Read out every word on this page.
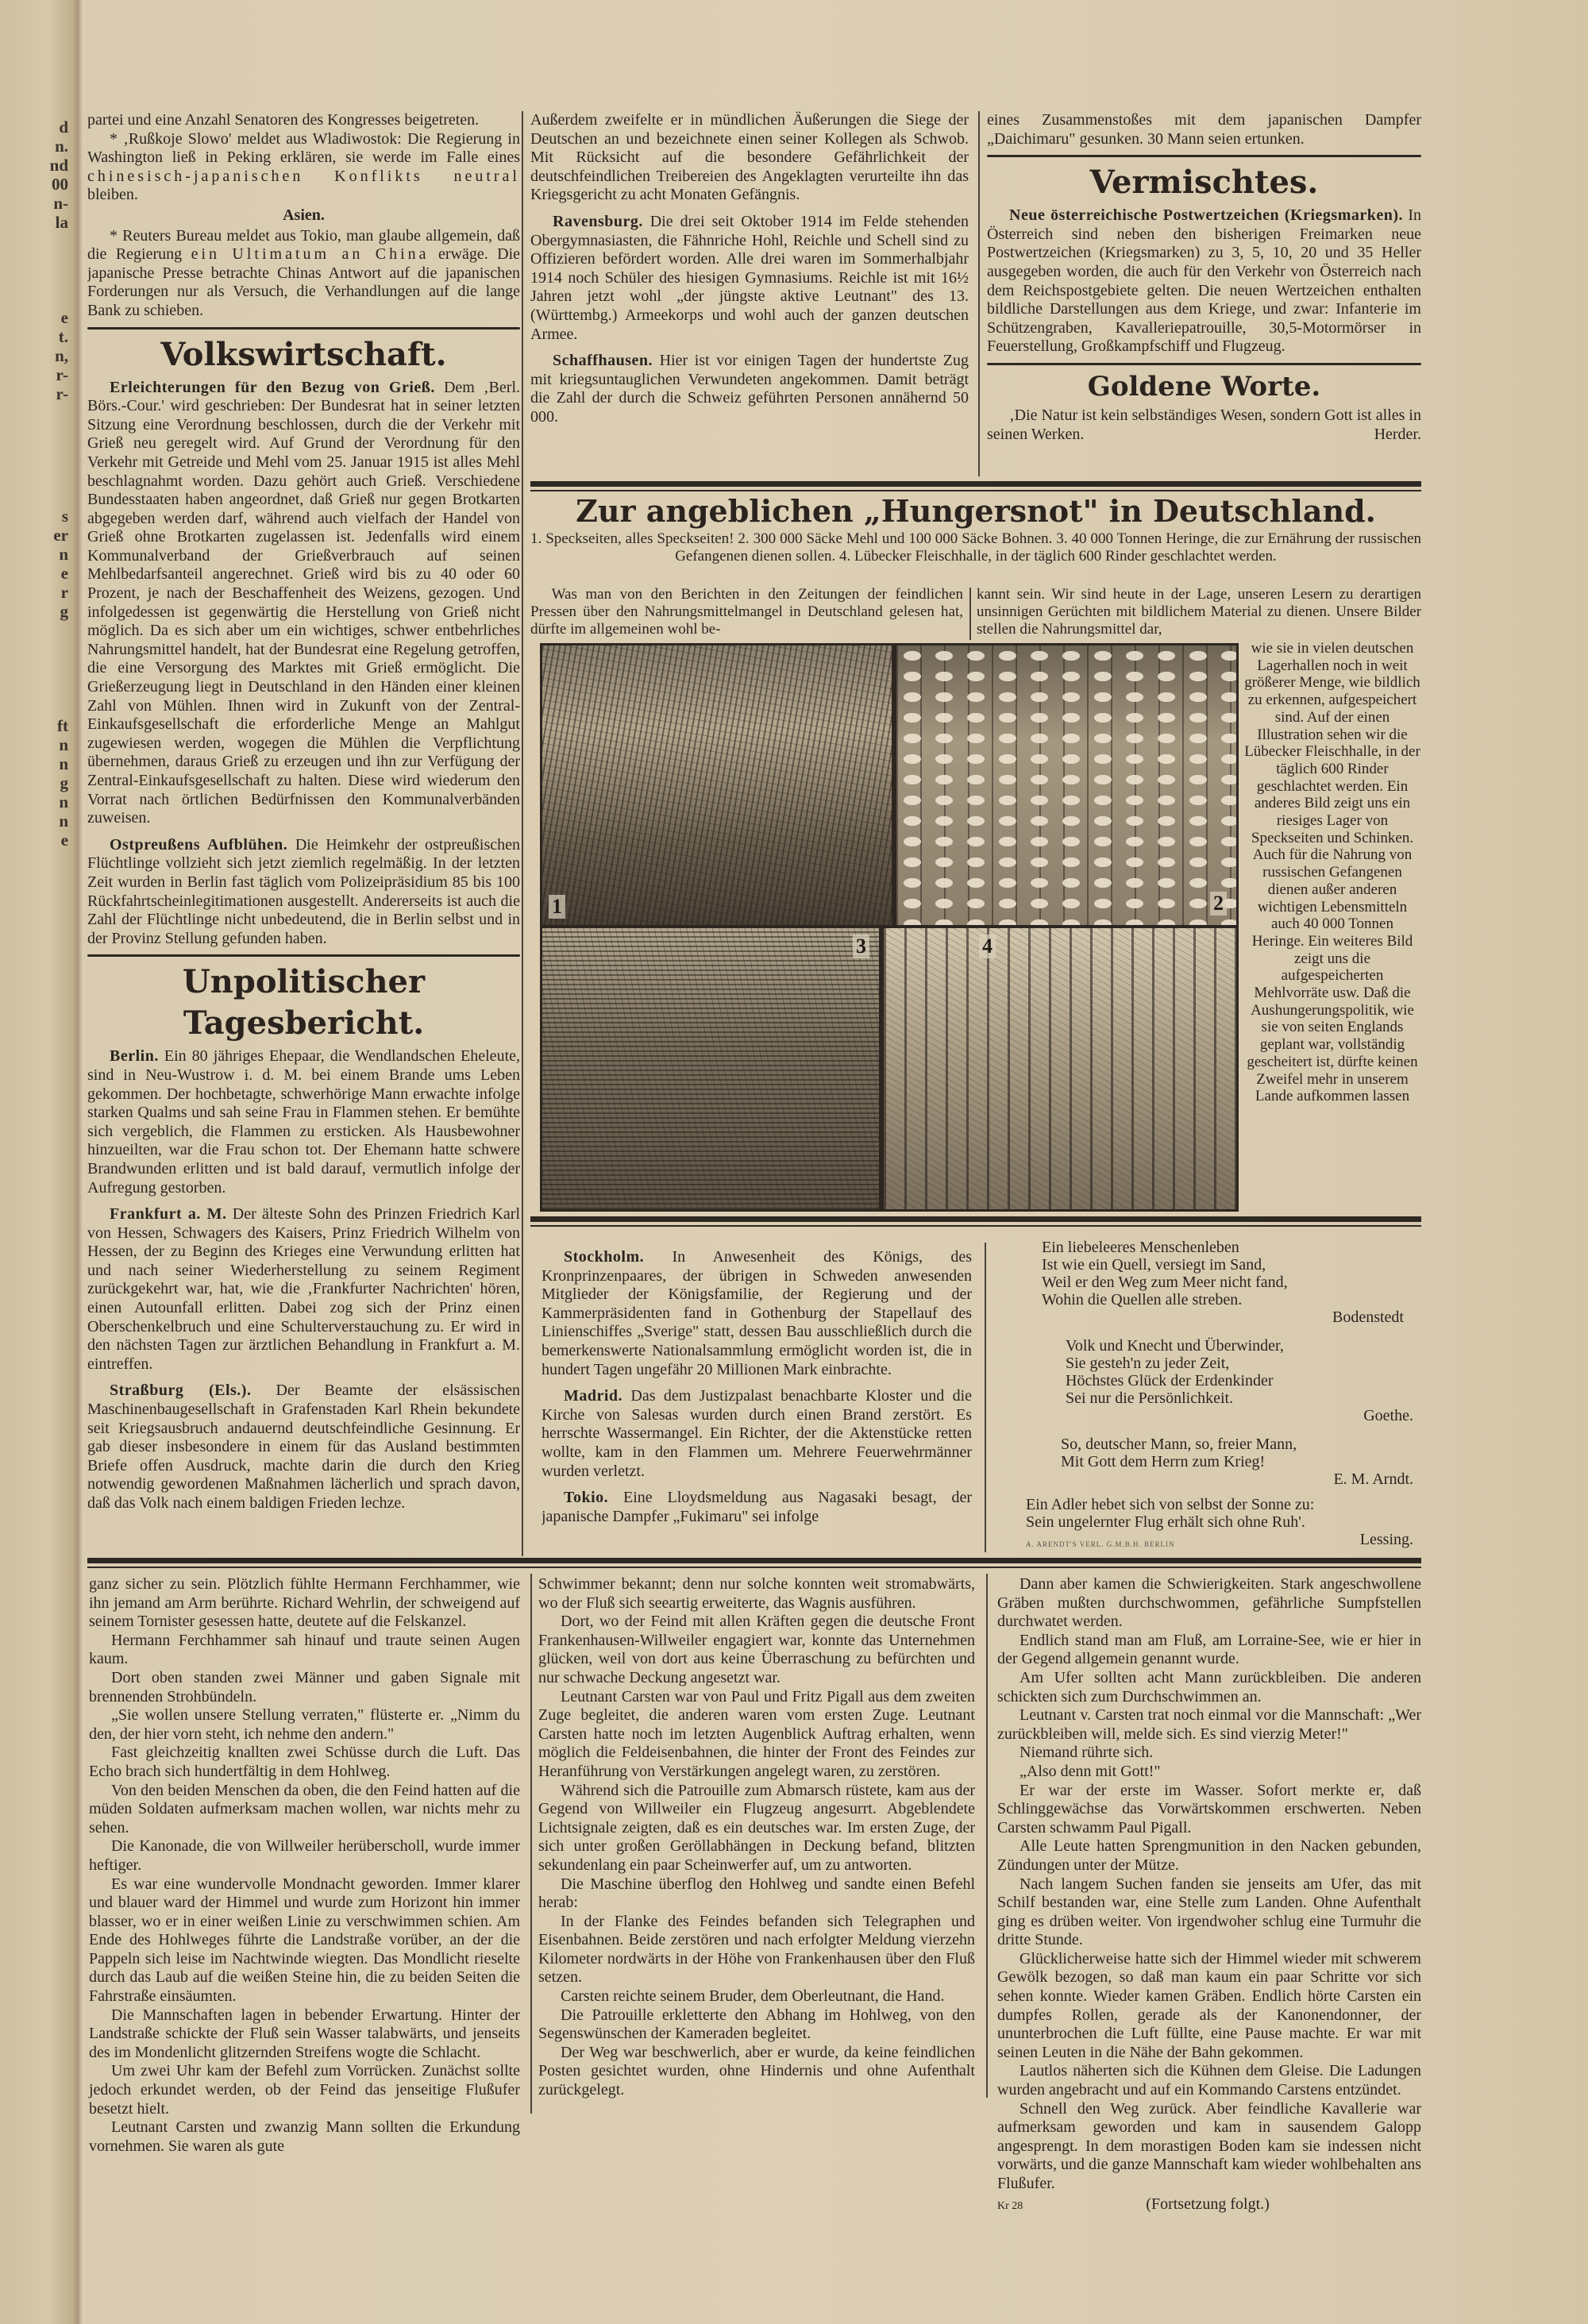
d
n.
nd
00
n-
la
e
t.
n,
r-
r-
s
er
n
e
r
g
ft
n
n
g
n
n
e

partei und eine Anzahl Senatoren des Kongresses beigetreten.

* ‚Rußkoje Slowo' meldet aus Wladiwostok: Die Regierung in Washington ließ in Peking erklären, sie werde im Falle eines chinesisch-japanischen Konflikts neutral bleiben.

Asien.

* Reuters Bureau meldet aus Tokio, man glaube allgemein, daß die Regierung ein Ultimatum an China erwäge. Die japanische Presse betrachte Chinas Antwort auf die japanischen Forderungen nur als Versuch, die Verhandlungen auf die lange Bank zu schieben.

Volkswirtschaft.

Erleichterungen für den Bezug von Grieß. Dem ‚Berl. Börs.-Cour.' wird geschrieben: Der Bundesrat hat in seiner letzten Sitzung eine Verordnung beschlossen, durch die der Verkehr mit Grieß neu geregelt wird. Auf Grund der Verordnung für den Verkehr mit Getreide und Mehl vom 25. Januar 1915 ist alles Mehl beschlagnahmt worden. Dazu gehört auch Grieß. Verschiedene Bundesstaaten haben angeordnet, daß Grieß nur gegen Brotkarten abgegeben werden darf, während auch vielfach der Handel von Grieß ohne Brotkarten zugelassen ist. Jedenfalls wird einem Kommunalverband der Grießverbrauch auf seinen Mehlbedarfsanteil angerechnet. Grieß wird bis zu 40 oder 60 Prozent, je nach der Beschaffenheit des Weizens, gezogen. Und infolgedessen ist gegenwärtig die Herstellung von Grieß nicht möglich. Da es sich aber um ein wichtiges, schwer entbehrliches Nahrungsmittel handelt, hat der Bundesrat eine Regelung getroffen, die eine Versorgung des Marktes mit Grieß ermöglicht. Die Grießerzeugung liegt in Deutschland in den Händen einer kleinen Zahl von Mühlen. Ihnen wird in Zukunft von der Zentral-Einkaufsgesellschaft die erforderliche Menge an Mahlgut zugewiesen werden, wogegen die Mühlen die Verpflichtung übernehmen, daraus Grieß zu erzeugen und ihn zur Verfügung der Zentral-Einkaufsgesellschaft zu halten. Diese wird wiederum den Vorrat nach örtlichen Bedürfnissen den Kommunalverbänden zuweisen.

Ostpreußens Aufblühen. Die Heimkehr der ostpreußischen Flüchtlinge vollzieht sich jetzt ziemlich regelmäßig. In der letzten Zeit wurden in Berlin fast täglich vom Polizeipräsidium 85 bis 100 Rückfahrtscheinlegitimationen ausgestellt. Andererseits ist auch die Zahl der Flüchtlinge nicht unbedeutend, die in Berlin selbst und in der Provinz Stellung gefunden haben.

Unpolitischer Tagesbericht.

Berlin. Ein 80 jähriges Ehepaar, die Wendlandschen Eheleute, sind in Neu-Wustrow i. d. M. bei einem Brande ums Leben gekommen. Der hochbetagte, schwerhörige Mann erwachte infolge starken Qualms und sah seine Frau in Flammen stehen. Er bemühte sich vergeblich, die Flammen zu ersticken. Als Hausbewohner hinzueilten, war die Frau schon tot. Der Ehemann hatte schwere Brandwunden erlitten und ist bald darauf, vermutlich infolge der Aufregung gestorben.

Frankfurt a. M. Der älteste Sohn des Prinzen Friedrich Karl von Hessen, Schwagers des Kaisers, Prinz Friedrich Wilhelm von Hessen, der zu Beginn des Krieges eine Verwundung erlitten hat und nach seiner Wiederherstellung zu seinem Regiment zurückgekehrt war, hat, wie die ‚Frankfurter Nachrichten' hören, einen Autounfall erlitten. Dabei zog sich der Prinz einen Oberschenkelbruch und eine Schulterverstauchung zu. Er wird in den nächsten Tagen zur ärztlichen Behandlung in Frankfurt a. M. eintreffen.

Straßburg (Els.). Der Beamte der elsässischen Maschinenbaugesellschaft in Grafenstaden Karl Rhein bekundete seit Kriegsausbruch andauernd deutschfeindliche Gesinnung. Er gab dieser insbesondere in einem für das Ausland bestimmten Briefe offen Ausdruck, machte darin die durch den Krieg notwendig gewordenen Maßnahmen lächerlich und sprach davon, daß das Volk nach einem baldigen Frieden lechze.

Außerdem zweifelte er in mündlichen Äußerungen die Siege der Deutschen an und bezeichnete einen seiner Kollegen als Schwob. Mit Rücksicht auf die besondere Gefährlichkeit der deutschfeindlichen Treibereien des Angeklagten verurteilte ihn das Kriegsgericht zu acht Monaten Gefängnis.

Ravensburg. Die drei seit Oktober 1914 im Felde stehenden Obergymnasiasten, die Fähnriche Hohl, Reichle und Schell sind zu Offizieren befördert worden. Alle drei waren im Sommerhalbjahr 1914 noch Schüler des hiesigen Gymnasiums. Reichle ist mit 16½ Jahren jetzt wohl „der jüngste aktive Leutnant" des 13. (Württembg.) Armeekorps und wohl auch der ganzen deutschen Armee.

Schaffhausen. Hier ist vor einigen Tagen der hundertste Zug mit kriegsuntauglichen Verwundeten angekommen. Damit beträgt die Zahl der durch die Schweiz geführten Personen annähernd 50 000.

eines Zusammenstoßes mit dem japanischen Dampfer „Daichimaru" gesunken. 30 Mann seien ertunken.

Vermischtes.

Neue österreichische Postwertzeichen (Kriegsmarken). In Österreich sind neben den bisherigen Freimarken neue Postwertzeichen (Kriegsmarken) zu 3, 5, 10, 20 und 35 Heller ausgegeben worden, die auch für den Verkehr von Österreich nach dem Reichspostgebiete gelten. Die neuen Wertzeichen enthalten bildliche Darstellungen aus dem Kriege, und zwar: Infanterie im Schützengraben, Kavalleriepatrouille, 30,5-Motormörser in Feuerstellung, Großkampfschiff und Flugzeug.

Goldene Worte.

‚Die Natur ist kein selbständiges Wesen, sondern Gott ist alles in seinen Werken.	Herder.

Zur angeblichen „Hungersnot" in Deutschland.
1. Speckseiten, alles Speckseiten! 2. 300 000 Säcke Mehl und 100 000 Säcke Bohnen. 3. 40 000 Tonnen Heringe, die zur Ernährung der russischen Gefangenen dienen sollen. 4. Lübecker Fleischhalle, in der täglich 600 Rinder geschlachtet werden.

Was man von den Berichten in den Zeitungen der feindlichen Pressen über den Nahrungsmittelmangel in Deutschland gelesen hat, dürfte im allgemeinen wohl be-

kannt sein. Wir sind heute in der Lage, unseren Lesern zu derartigen unsinnigen Gerüchten mit bildlichem Material zu dienen. Unsere Bilder stellen die Nahrungsmittel dar,

1	2
3	4
wie sie in vielen deutschen Lagerhallen noch in weit größerer Menge, wie bildlich zu erkennen, aufgespeichert sind. Auf der einen Illustration sehen wir die Lübecker Fleischhalle, in der täglich 600 Rinder geschlachtet werden. Ein anderes Bild zeigt uns ein riesiges Lager von Speckseiten und Schinken. Auch für die Nahrung von russischen Gefangenen dienen außer anderen wichtigen Lebensmitteln auch 40 000 Tonnen Heringe. Ein weiteres Bild zeigt uns die aufgespeicherten Mehlvorräte usw. Daß die Aushungerungspolitik, wie sie von seiten Englands geplant war, vollständig gescheitert ist, dürfte keinen Zweifel mehr in unserem Lande aufkommen lassen

Stockholm. In Anwesenheit des Königs, des Kronprinzenpaares, der übrigen in Schweden anwesenden Mitglieder der Königsfamilie, der Regierung und der Kammerpräsidenten fand in Gothenburg der Stapellauf des Linienschiffes „Sverige" statt, dessen Bau ausschließlich durch die bemerkenswerte Nationalsammlung ermöglicht worden ist, die in hundert Tagen ungefähr 20 Millionen Mark einbrachte.

Madrid. Das dem Justizpalast benachbarte Kloster und die Kirche von Salesas wurden durch einen Brand zerstört. Es herrschte Wassermangel. Ein Richter, der die Aktenstücke retten wollte, kam in den Flammen um. Mehrere Feuerwehrmänner wurden verletzt.

Tokio. Eine Lloydsmeldung aus Nagasaki besagt, der japanische Dampfer „Fukimaru" sei infolge

Ein liebeleeres Menschenleben
Ist wie ein Quell, versiegt im Sand,
Weil er den Weg zum Meer nicht fand,
Wohin die Quellen alle streben.
Bodenstedt
Volk und Knecht und Überwinder,
Sie gesteh'n zu jeder Zeit,
Höchstes Glück der Erdenkinder
Sei nur die Persönlichkeit.
Goethe.
So, deutscher Mann, so, freier Mann,
Mit Gott dem Herrn zum Krieg!
E. M. Arndt.
Ein Adler hebet sich von selbst der Sonne zu:
Sein ungelernter Flug erhält sich ohne Ruh'.
A. ARENDT'S VERL. G.M.B.H. BERLIN	Lessing.

ganz sicher zu sein. Plötzlich fühlte Hermann Ferchhammer, wie ihn jemand am Arm berührte. Richard Wehrlin, der schweigend auf seinem Tornister gesessen hatte, deutete auf die Felskanzel.

Hermann Ferchhammer sah hinauf und traute seinen Augen kaum.

Dort oben standen zwei Männer und gaben Signale mit brennenden Strohbündeln.

„Sie wollen unsere Stellung verraten," flüsterte er. „Nimm du den, der hier vorn steht, ich nehme den andern."

Fast gleichzeitig knallten zwei Schüsse durch die Luft. Das Echo brach sich hundertfältig in dem Hohlweg.

Von den beiden Menschen da oben, die den Feind hatten auf die müden Soldaten aufmerksam machen wollen, war nichts mehr zu sehen.

Die Kanonade, die von Willweiler herüberscholl, wurde immer heftiger.

Es war eine wundervolle Mondnacht geworden. Immer klarer und blauer ward der Himmel und wurde zum Horizont hin immer blasser, wo er in einer weißen Linie zu verschwimmen schien. Am Ende des Hohlweges führte die Landstraße vorüber, an der die Pappeln sich leise im Nachtwinde wiegten. Das Mondlicht rieselte durch das Laub auf die weißen Steine hin, die zu beiden Seiten die Fahrstraße einsäumten.

Die Mannschaften lagen in bebender Erwartung. Hinter der Landstraße schickte der Fluß sein Wasser talabwärts, und jenseits des im Mondenlicht glitzernden Streifens wogte die Schlacht.

Um zwei Uhr kam der Befehl zum Vorrücken. Zunächst sollte jedoch erkundet werden, ob der Feind das jenseitige Flußufer besetzt hielt.

Leutnant Carsten und zwanzig Mann sollten die Erkundung vornehmen. Sie waren als gute

Schwimmer bekannt; denn nur solche konnten weit stromabwärts, wo der Fluß sich seeartig erweiterte, das Wagnis ausführen.

Dort, wo der Feind mit allen Kräften gegen die deutsche Front Frankenhausen-Willweiler engagiert war, konnte das Unternehmen glücken, weil von dort aus keine Überraschung zu befürchten und nur schwache Deckung angesetzt war.

Leutnant Carsten war von Paul und Fritz Pigall aus dem zweiten Zuge begleitet, die anderen waren vom ersten Zuge. Leutnant Carsten hatte noch im letzten Augenblick Auftrag erhalten, wenn möglich die Feldeisenbahnen, die hinter der Front des Feindes zur Heranführung von Verstärkungen angelegt waren, zu zerstören.

Während sich die Patrouille zum Abmarsch rüstete, kam aus der Gegend von Willweiler ein Flugzeug angesurrt. Abgeblendete Lichtsignale zeigten, daß es ein deutsches war. Im ersten Zuge, der sich unter großen Geröllabhängen in Deckung befand, blitzten sekundenlang ein paar Scheinwerfer auf, um zu antworten.

Die Maschine überflog den Hohlweg und sandte einen Befehl herab:

In der Flanke des Feindes befanden sich Telegraphen und Eisenbahnen. Beide zerstören und nach erfolgter Meldung vierzehn Kilometer nordwärts in der Höhe von Frankenhausen über den Fluß setzen.

Carsten reichte seinem Bruder, dem Oberleutnant, die Hand.

Die Patrouille erkletterte den Abhang im Hohlweg, von den Segenswünschen der Kameraden begleitet.

Der Weg war beschwerlich, aber er wurde, da keine feindlichen Posten gesichtet wurden, ohne Hindernis und ohne Aufenthalt zurückgelegt.

Dann aber kamen die Schwierigkeiten. Stark angeschwollene Gräben mußten durchschwommen, gefährliche Sumpfstellen durchwatet werden.

Endlich stand man am Fluß, am Lorraine-See, wie er hier in der Gegend allgemein genannt wurde.

Am Ufer sollten acht Mann zurückbleiben. Die anderen schickten sich zum Durchschwimmen an.

Leutnant v. Carsten trat noch einmal vor die Mannschaft: „Wer zurückbleiben will, melde sich. Es sind vierzig Meter!"

Niemand rührte sich.

„Also denn mit Gott!"

Er war der erste im Wasser. Sofort merkte er, daß Schlinggewächse das Vorwärtskommen erschwerten. Neben Carsten schwamm Paul Pigall.

Alle Leute hatten Sprengmunition in den Nacken gebunden, Zündungen unter der Mütze.

Nach langem Suchen fanden sie jenseits am Ufer, das mit Schilf bestanden war, eine Stelle zum Landen. Ohne Aufenthalt ging es drüben weiter. Von irgendwoher schlug eine Turmuhr die dritte Stunde.

Glücklicherweise hatte sich der Himmel wieder mit schwerem Gewölk bezogen, so daß man kaum ein paar Schritte vor sich sehen konnte. Wieder kamen Gräben. Endlich hörte Carsten ein dumpfes Rollen, gerade als der Kanonendonner, der ununterbrochen die Luft füllte, eine Pause machte. Er war mit seinen Leuten in die Nähe der Bahn gekommen.

Lautlos näherten sich die Kühnen dem Gleise. Die Ladungen wurden angebracht und auf ein Kommando Carstens entzündet.

Schnell den Weg zurück. Aber feindliche Kavallerie war aufmerksam geworden und kam in sausendem Galopp angesprengt. In dem morastigen Boden kam sie indessen nicht vorwärts, und die ganze Mannschaft kam wieder wohlbehalten ans Flußufer.

Kr 28	(Fortsetzung folgt.)
